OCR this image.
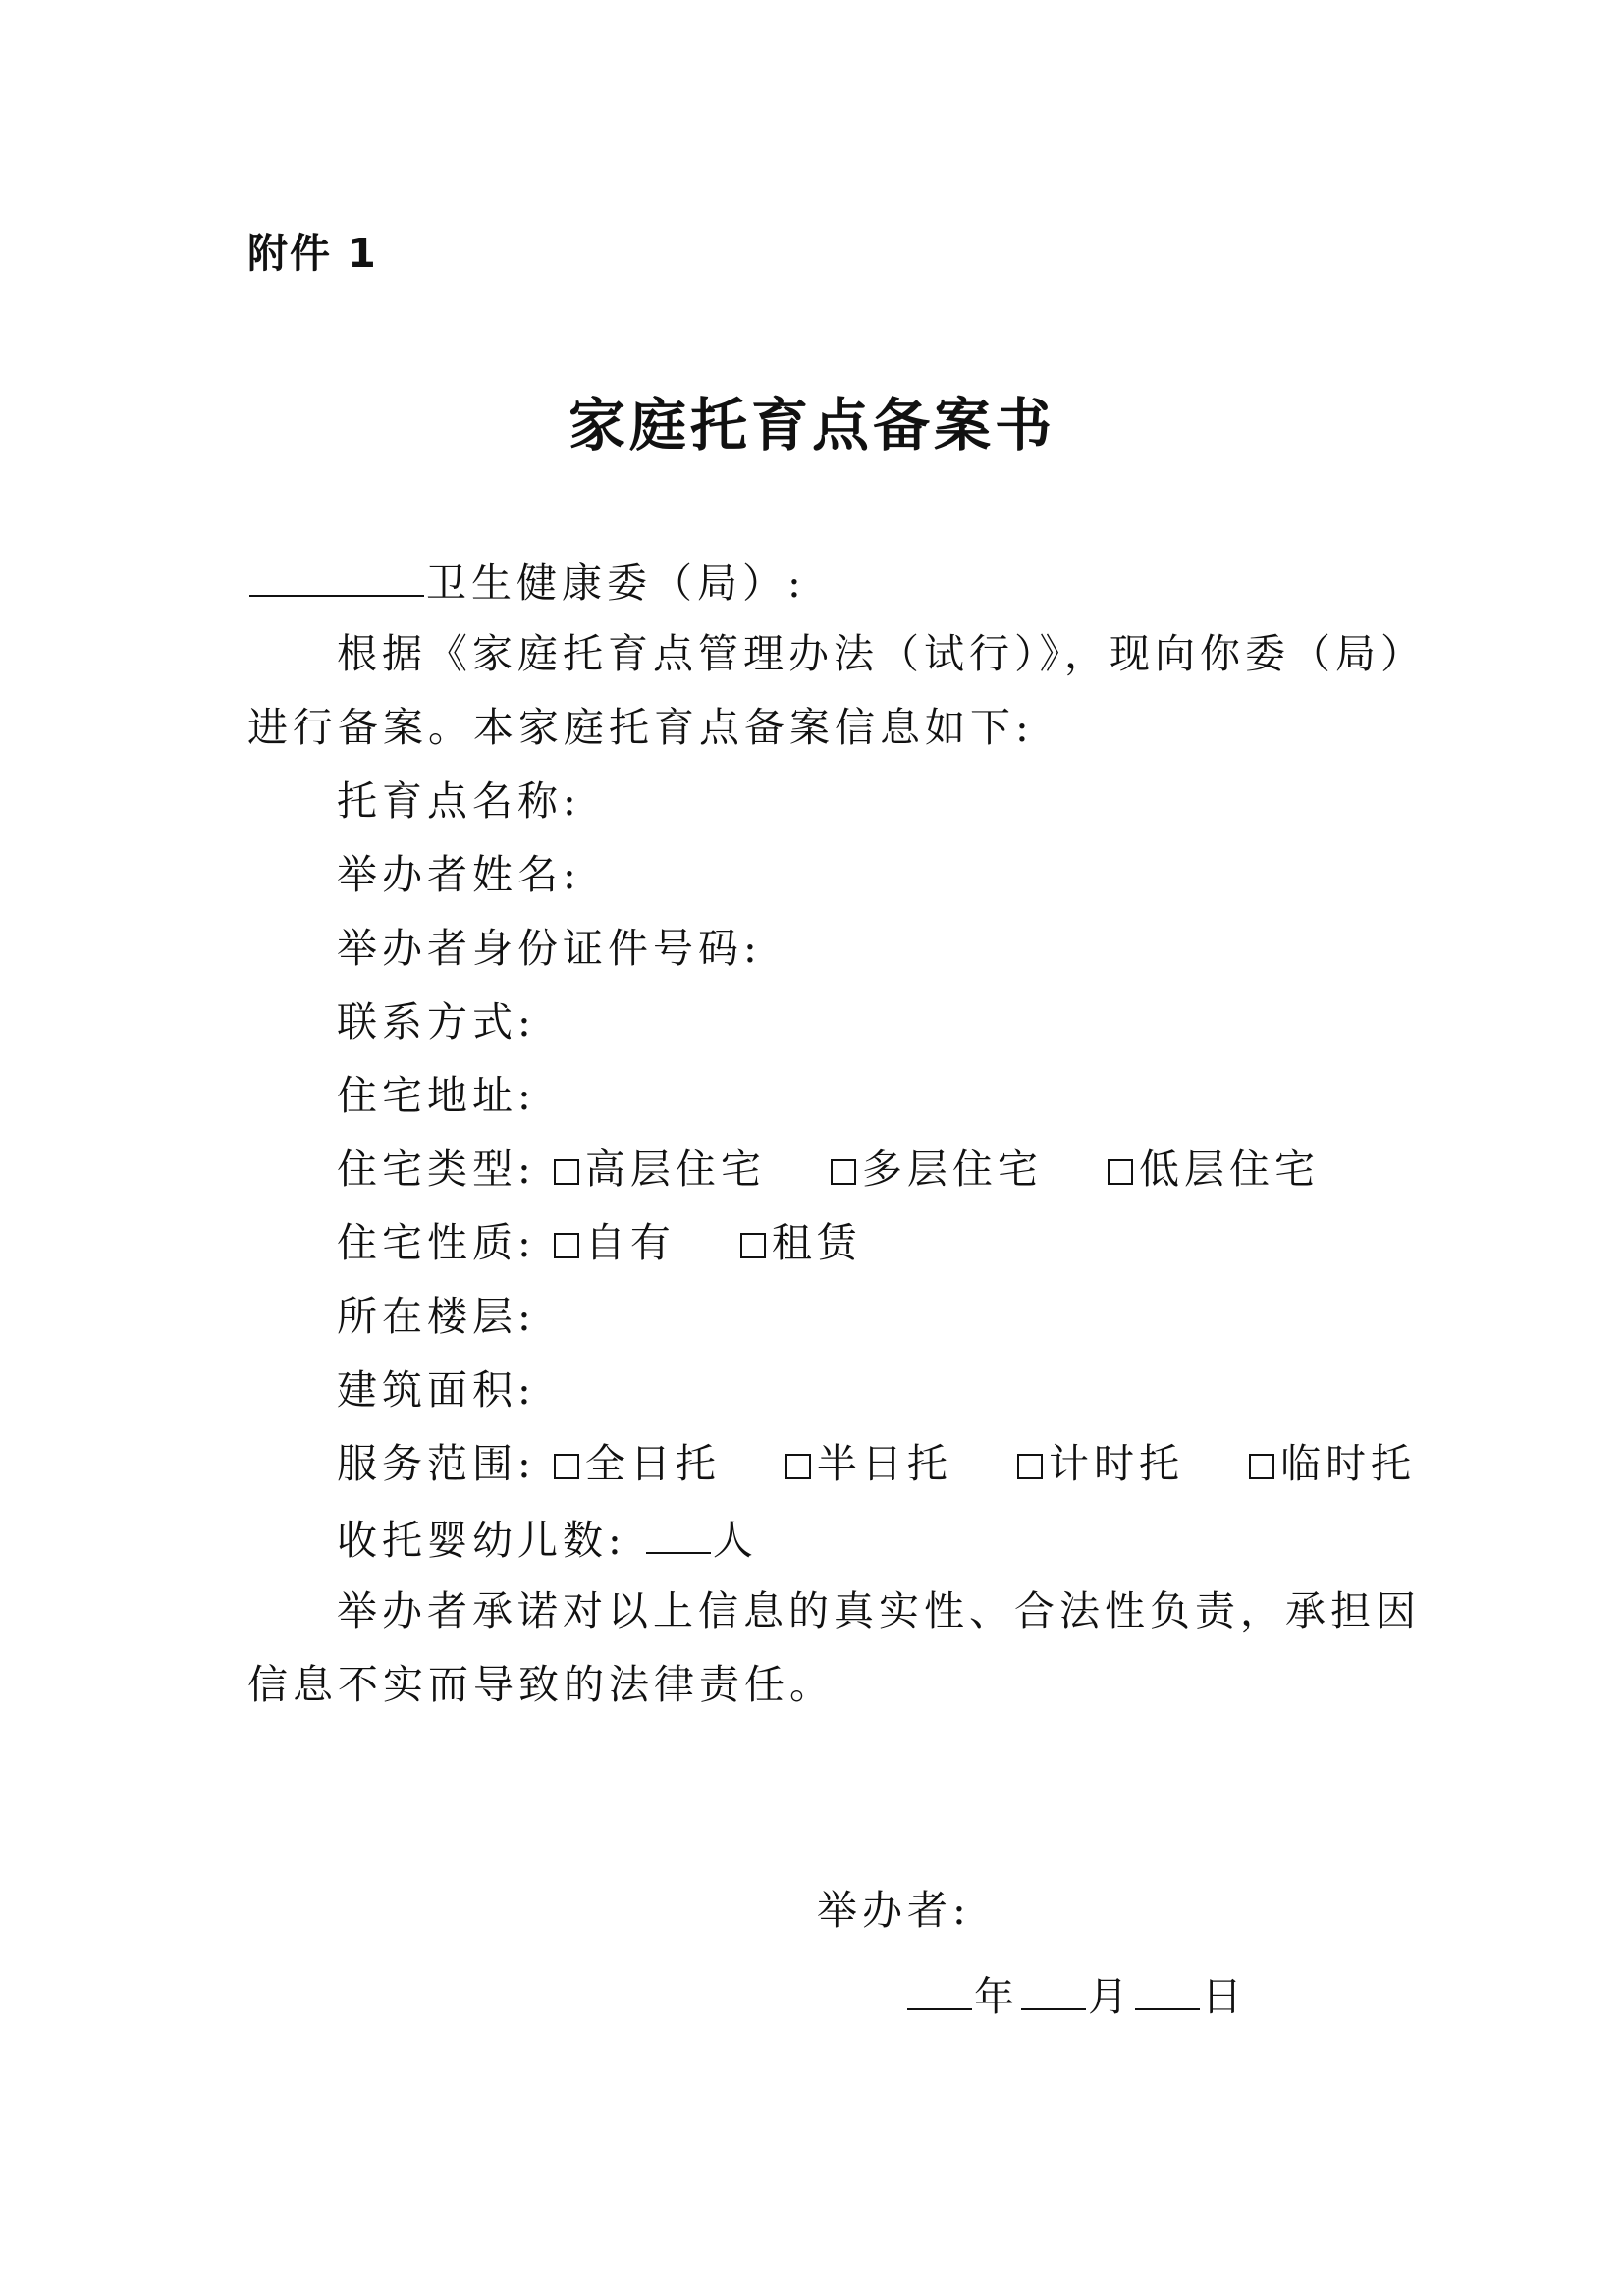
附件 1
家庭托育点备案书
卫生健康委（局）:
根据《家庭托育点管理办法（试行）》，现向你委（局）
进行备案。本家庭托育点备案信息如下:
托育点名称:
举办者姓名:
举办者身份证件号码:
联系方式:
住宅地址:
住宅类型: 高层住宅 多层住宅 低层住宅
住宅性质: 自有 租赁
所在楼层:
建筑面积:
服务范围: 全日托 半日托 计时托 临时托
收托婴幼儿数: 人
举办者承诺对以上信息的真实性、合法性负责，承担因
信息不实而导致的法律责任。
举办者:
年 月 日
